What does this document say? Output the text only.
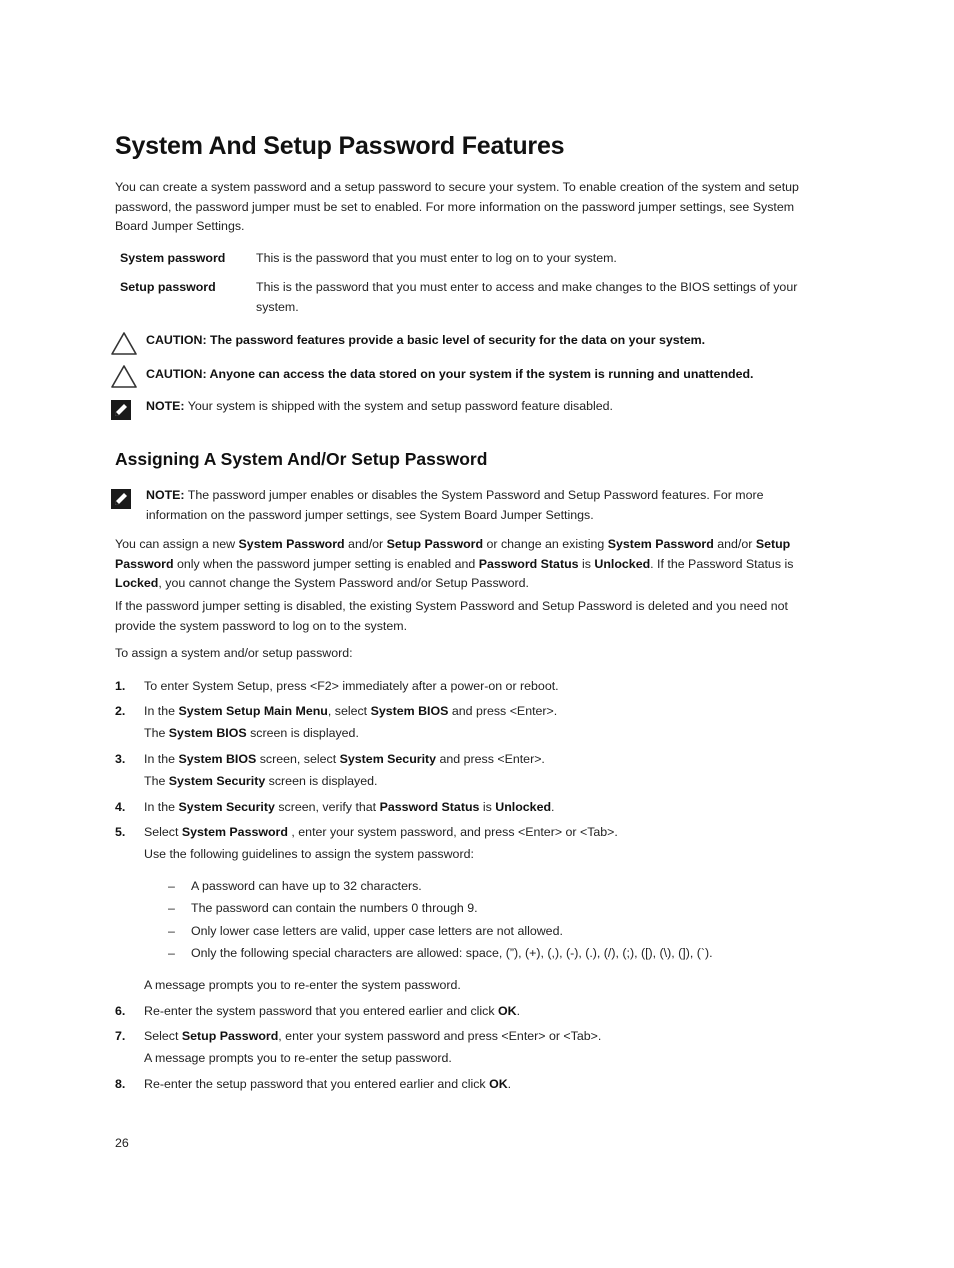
System And Setup Password Features

You can create a system password and a setup password to secure your system. To enable creation of the system and setup password, the password jumper must be set to enabled. For more information on the password jumper settings, see System Board Jumper Settings.

System password This is the password that you must enter to log on to your system.
Setup password	This is the password that you must enter to access and make changes to the BIOS settings of your system.
CAUTION: The password features provide a basic level of security for the data on your system.
CAUTION: Anyone can access the data stored on your system if the system is running and unattended.
NOTE: Your system is shipped with the system and setup password feature disabled.
Assigning A System And/Or Setup Password
NOTE: The password jumper enables or disables the System Password and Setup Password features. For more information on the password jumper settings, see System Board Jumper Settings.

You can assign a new System Password and/or Setup Password or change an existing System Password and/or Setup Password only when the password jumper setting is enabled and Password Status is Unlocked. If the Password Status is Locked, you cannot change the System Password and/or Setup Password.

If the password jumper setting is disabled, the existing System Password and Setup Password is deleted and you need not provide the system password to log on to the system.

To assign a system and/or setup password:

1. To enter System Setup, press <F2> immediately after a power-on or reboot.
2. In the System Setup Main Menu, select System BIOS and press <Enter>.
The System BIOS screen is displayed.
3. In the System BIOS screen, select System Security and press <Enter>.
The System Security screen is displayed.
4. In the System Security screen, verify that Password Status is Unlocked.
5. Select System Password , enter your system password, and press <Enter> or <Tab>.
Use the following guidelines to assign the system password:
– A password can have up to 32 characters.
– The password can contain the numbers 0 through 9.
– Only lower case letters are valid, upper case letters are not allowed.
– Only the following special characters are allowed: space, (”), (+), (,), (-), (.), (/), (;), ([), (\), (]), (`).
A message prompts you to re-enter the system password.
6. Re-enter the system password that you entered earlier and click OK.
7. Select Setup Password, enter your system password and press <Enter> or <Tab>.
A message prompts you to re-enter the setup password.
8. Re-enter the setup password that you entered earlier and click OK.
26
